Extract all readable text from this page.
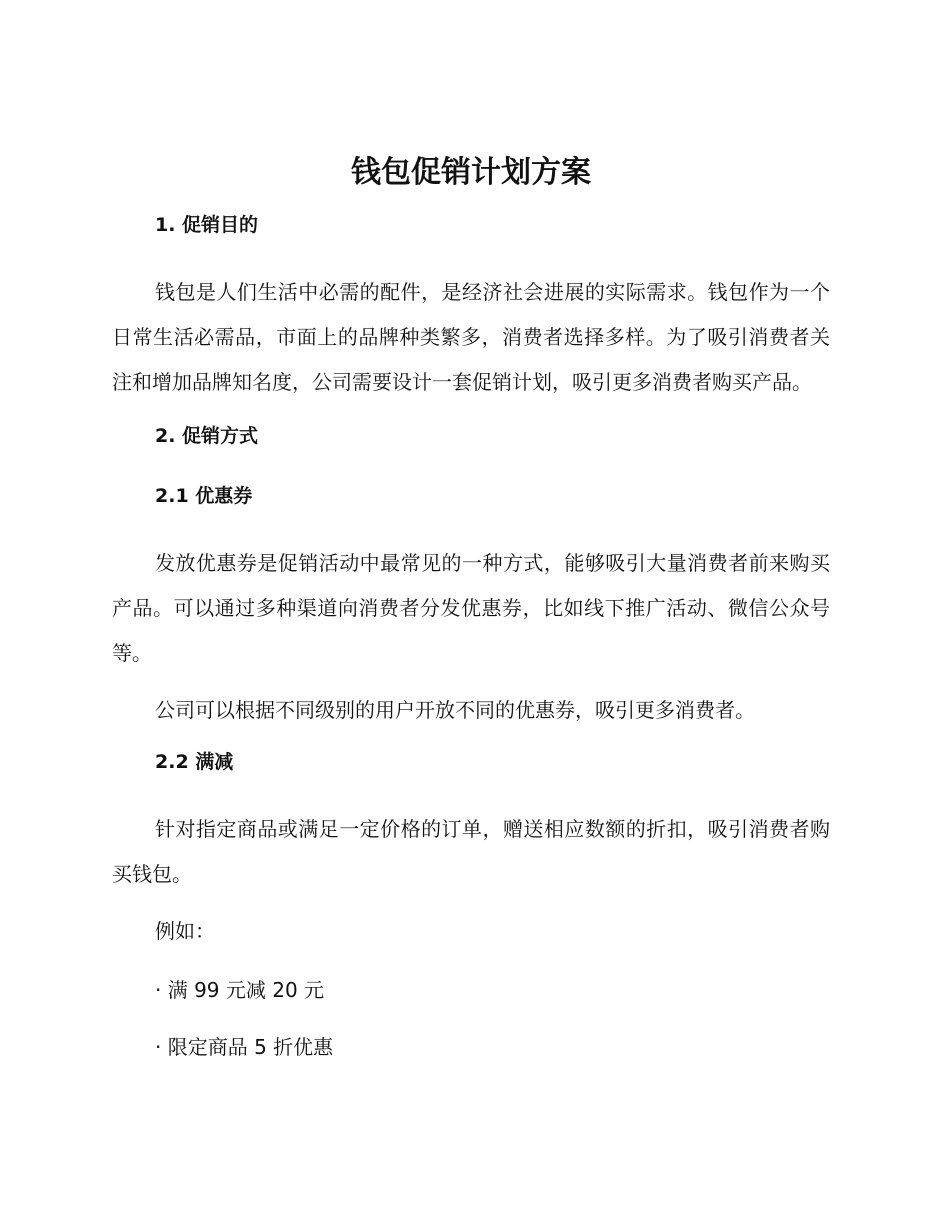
钱包促销计划方案
1. 促销目的

钱包是人们生活中必需的配件，是经济社会进展的实际需求。钱包作为一个日常生活必需品，市面上的品牌种类繁多，消费者选择多样。为了吸引消费者关注和增加品牌知名度，公司需要设计一套促销计划，吸引更多消费者购买产品。

2. 促销方式
2.1 优惠券

发放优惠券是促销活动中最常见的一种方式，能够吸引大量消费者前来购买产品。可以通过多种渠道向消费者分发优惠券，比如线下推广活动、微信公众号等。

公司可以根据不同级别的用户开放不同的优惠券，吸引更多消费者。

2.2 满减

针对指定商品或满足一定价格的订单，赠送相应数额的折扣，吸引消费者购买钱包。

例如：

· 满 99 元减 20 元
· 限定商品 5 折优惠
